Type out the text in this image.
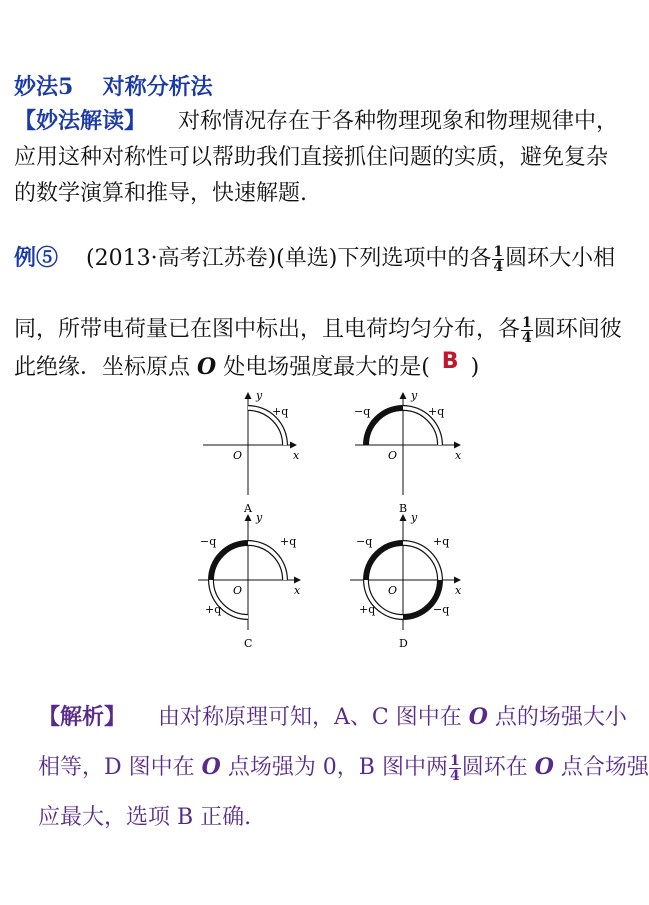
妙法5 对称分析法
【妙法解读】 对称情况存在于各种物理现象和物理规律中，
应用这种对称性可以帮助我们直接抓住问题的实质，避免复杂
的数学演算和推导，快速解题.
例⑤ (2013·高考江苏卷)(单选)下列选项中的各 $\frac{1}{4}$ 圆环大小相
同，所带电荷量已在图中标出，且电荷均匀分布，各 $\frac{1}{4}$ 圆环间彼
此绝缘．坐标原点 O 处电场强度最大的是( B )
y
x
O
+q
A
y
x
O
+q
−q
B
y
x
O
+q
−q
+q
C
y
x
O
+q
−q
+q	−q
D
【解析】 由对称原理可知，A、C 图中在 O 点的场强大小
相等，D 图中在 O 点场强为 0，B 图中两 $\frac{1}{4}$ 圆环在 O 点合场强
应最大，选项 B 正确.
